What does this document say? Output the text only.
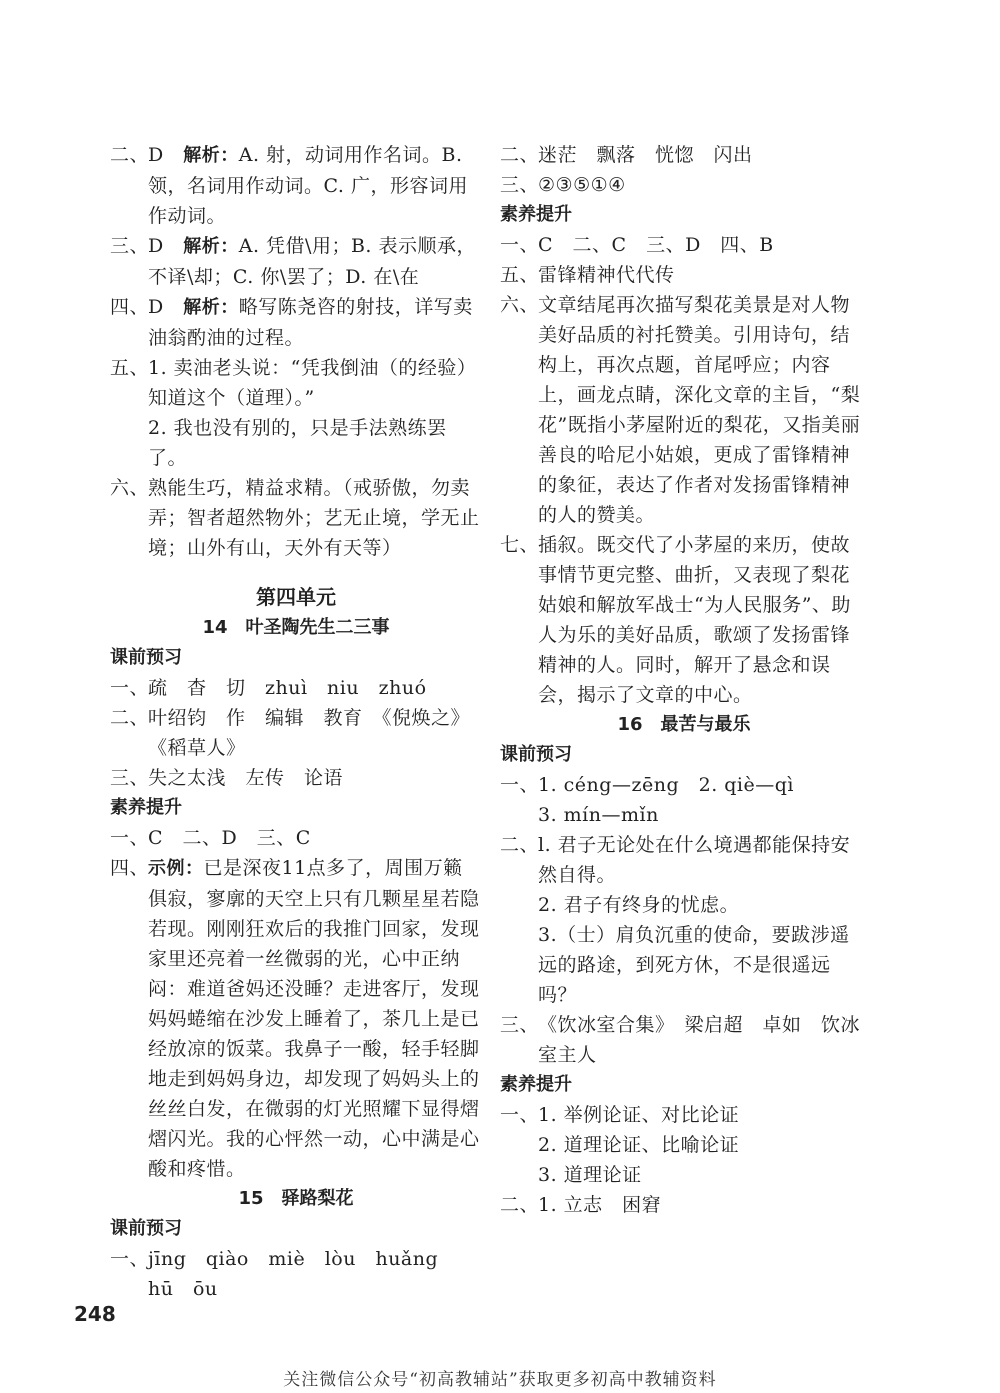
二、
D　 解析：A. 射，动词用作名词。B. 领，名词用作动词。C. 广，形容词用作动词。
三、
D　 解析：A. 凭借\用；B. 表示顺承，不译\却；C. 你\罢了；D. 在\在
四、
D　 解析：略写陈尧咨的射技，详写卖油翁酌油的过程。
五、
1. 卖油老头说：“凭我倒油（的经验）知道这个（道理）。”
2. 我也没有别的，只是手法熟练罢了。
六、
熟能生巧，精益求精。（戒骄傲，勿卖弄；智者超然物外；艺无止境，学无止境；山外有山，天外有天等）
第四单元
14　叶圣陶先生二三事
课前预习
一、
疏　杳　切　zhuì　niu　zhuó
二、
叶绍钧　作　编辑　教育　《倪焕之》　《稻草人》
三、
失之太浅　左传　论语
素养提升
一、
C　二、D　三、C
四、
示例：已是深夜11点多了，周围万籁俱寂，寥廓的天空上只有几颗星星若隐若现。刚刚狂欢后的我推门回家，发现家里还亮着一丝微弱的光，心中正纳闷：难道爸妈还没睡？走进客厅，发现妈妈蜷缩在沙发上睡着了，茶几上是已经放凉的饭菜。我鼻子一酸，轻手轻脚地走到妈妈身边，却发现了妈妈头上的丝丝白发，在微弱的灯光照耀下显得熠熠闪光。我的心怦然一动，心中满是心酸和疼惜。
15　驿路梨花
课前预习
一、
jīng　qiào　miè　lòu　huǎng　hū　ōu
二、
迷茫　飘落　恍惚　闪出
三、
②③⑤①④
素养提升
一、
C　二、C　三、D　四、B
五、
雷锋精神代代传
六、
文章结尾再次描写梨花美景是对人物美好品质的衬托赞美。引用诗句，结构上，再次点题，首尾呼应；内容上，画龙点睛，深化文章的主旨，“梨花”既指小茅屋附近的梨花，又指美丽善良的哈尼小姑娘，更成了雷锋精神的象征，表达了作者对发扬雷锋精神的人的赞美。
七、
插叙。既交代了小茅屋的来历，使故事情节更完整、曲折，又表现了梨花姑娘和解放军战士“为人民服务”、助人为乐的美好品质，歌颂了发扬雷锋精神的人。同时，解开了悬念和误会，揭示了文章的中心。
16　最苦与最乐
课前预习
一、
1. céng—zēng　2. qiè—qì
3. mín—mǐn
二、
l. 君子无论处在什么境遇都能保持安然自得。
2. 君子有终身的忧虑。
3.（士）肩负沉重的使命，要跋涉遥远的路途，到死方休，不是很遥远吗？
三、
《饮冰室合集》　梁启超　卓如　饮冰室主人
素养提升
一、
1. 举例论证、对比论证
2. 道理论证、比喻论证
3. 道理论证
二、
1. 立志　困窘
248
关注微信公众号“初高教辅站”获取更多初高中教辅资料
